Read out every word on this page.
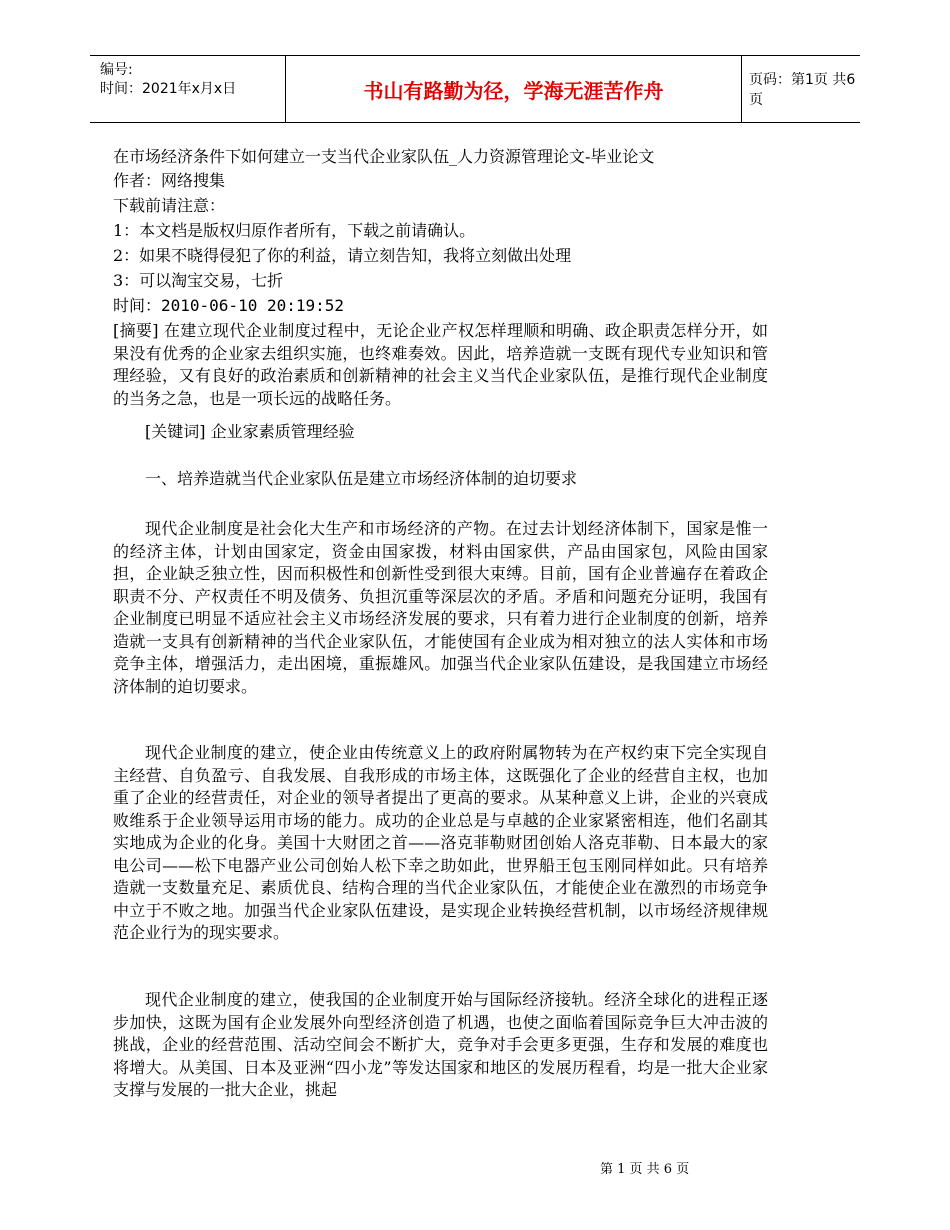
编号:
时间：2021年x月x日	书山有路勤为径，学海无涯苦作舟	页码：第1页 共6页
在市场经济条件下如何建立一支当代企业家队伍_人力资源管理论文-毕业论文
作者：网络搜集
下载前请注意：
1：本文档是版权归原作者所有，下载之前请确认。
2：如果不晓得侵犯了你的利益，请立刻告知，我将立刻做出处理
3：可以淘宝交易，七折
时间：2010-06-10 20:19:52
[摘要] 在建立现代企业制度过程中，无论企业产权怎样理顺和明确、政企职责怎样分开，如果没有优秀的企业家去组织实施，也终难奏效。因此，培养造就一支既有现代专业知识和管理经验，又有良好的政治素质和创新精神的社会主义当代企业家队伍，是推行现代企业制度的当务之急，也是一项长远的战略任务。
[关键词] 企业家素质管理经验
一、培养造就当代企业家队伍是建立市场经济体制的迫切要求
现代企业制度是社会化大生产和市场经济的产物。在过去计划经济体制下，国家是惟一的经济主体，计划由国家定，资金由国家拨，材料由国家供，产品由国家包，风险由国家担，企业缺乏独立性，因而积极性和创新性受到很大束缚。目前，国有企业普遍存在着政企职责不分、产权责任不明及债务、负担沉重等深层次的矛盾。矛盾和问题充分证明，我国有企业制度已明显不适应社会主义市场经济发展的要求，只有着力进行企业制度的创新，培养造就一支具有创新精神的当代企业家队伍，才能使国有企业成为相对独立的法人实体和市场竞争主体，增强活力，走出困境，重振雄风。加强当代企业家队伍建设，是我国建立市场经济体制的迫切要求。
现代企业制度的建立，使企业由传统意义上的政府附属物转为在产权约束下完全实现自主经营、自负盈亏、自我发展、自我形成的市场主体，这既强化了企业的经营自主权，也加重了企业的经营责任，对企业的领导者提出了更高的要求。从某种意义上讲，企业的兴衰成败维系于企业领导运用市场的能力。成功的企业总是与卓越的企业家紧密相连，他们名副其实地成为企业的化身。美国十大财团之首——洛克菲勒财团创始人洛克菲勒、日本最大的家电公司——松下电器产业公司创始人松下幸之助如此，世界船王包玉刚同样如此。只有培养造就一支数量充足、素质优良、结构合理的当代企业家队伍，才能使企业在激烈的市场竞争中立于不败之地。加强当代企业家队伍建设，是实现企业转换经营机制，以市场经济规律规范企业行为的现实要求。
现代企业制度的建立，使我国的企业制度开始与国际经济接轨。经济全球化的进程正逐步加快，这既为国有企业发展外向型经济创造了机遇，也使之面临着国际竞争巨大冲击波的挑战，企业的经营范围、活动空间会不断扩大，竞争对手会更多更强，生存和发展的难度也将增大。从美国、日本及亚洲“四小龙”等发达国家和地区的发展历程看，均是一批大企业家支撑与发展的一批大企业，挑起
第 1 页 共 6 页
